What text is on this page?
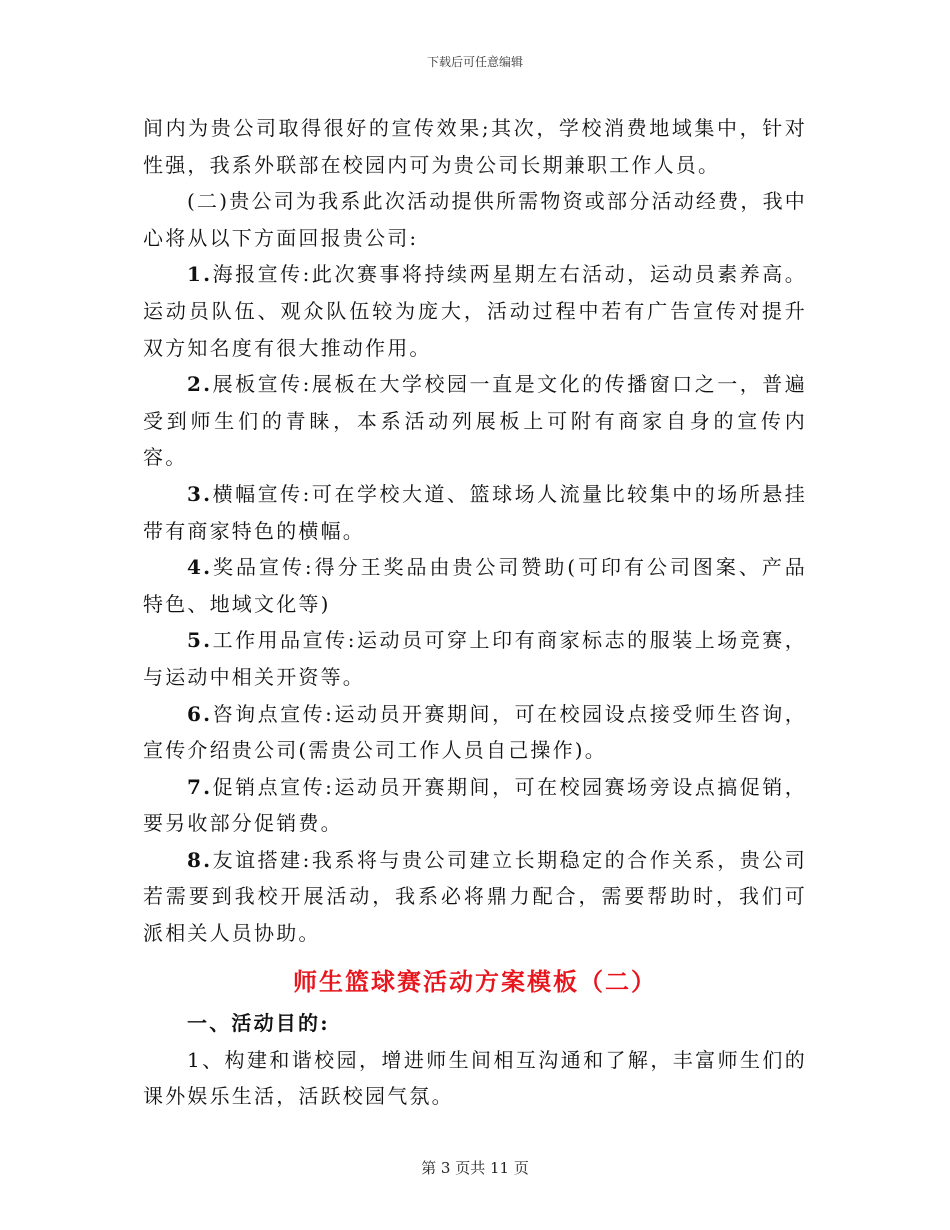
下载后可任意编辑

间内为贵公司取得很好的宣传效果;其次，学校消费地域集中，针对性强，我系外联部在校园内可为贵公司长期兼职工作人员。

(二)贵公司为我系此次活动提供所需物资或部分活动经费，我中心将从以下方面回报贵公司:

1.海报宣传:此次赛事将持续两星期左右活动，运动员素养高。运动员队伍、观众队伍较为庞大，活动过程中若有广告宣传对提升双方知名度有很大推动作用。

2.展板宣传:展板在大学校园一直是文化的传播窗口之一，普遍受到师生们的青睐，本系活动列展板上可附有商家自身的宣传内容。

3.横幅宣传:可在学校大道、篮球场人流量比较集中的场所悬挂带有商家特色的横幅。

4.奖品宣传:得分王奖品由贵公司赞助(可印有公司图案、产品特色、地域文化等)

5.工作用品宣传:运动员可穿上印有商家标志的服装上场竞赛，与运动中相关开资等。

6.咨询点宣传:运动员开赛期间，可在校园设点接受师生咨询，宣传介绍贵公司(需贵公司工作人员自己操作)。

7.促销点宣传:运动员开赛期间，可在校园赛场旁设点搞促销，要另收部分促销费。

8.友谊搭建:我系将与贵公司建立长期稳定的合作关系，贵公司若需要到我校开展活动，我系必将鼎力配合，需要帮助时，我们可派相关人员协助。

师生篮球赛活动方案模板（二）

一、活动目的:

1、构建和谐校园，增进师生间相互沟通和了解，丰富师生们的课外娱乐生活，活跃校园气氛。

第 3 页共 11 页
